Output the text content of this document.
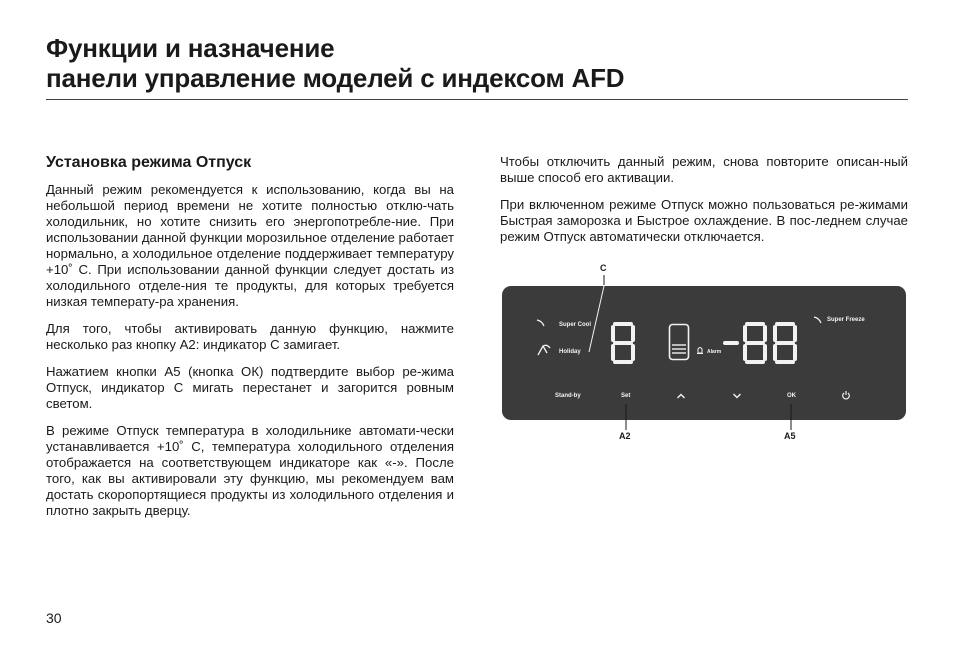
Функции и назначение
панели управление моделей с индексом AFD
Установка режима Отпуск

Данный режим рекомендуется к использованию, когда вы на небольшой период времени не хотите полностью отклю-чать холодильник, но хотите снизить его энергопотребле-ние. При использовании данной функции морозильное отделение работает нормально, а холодильное отделение поддерживает температуру +10˚ С. При использовании данной функции следует достать из холодильного отделе-ния те продукты, для которых требуется низкая температу-ра хранения.

Для того, чтобы активировать данную функцию, нажмите несколько раз кнопку А2: индикатор С замигает.

Нажатием кнопки А5 (кнопка ОК) подтвердите выбор ре-жима Отпуск, индикатор С мигать перестанет и загорится ровным светом.

В режиме Отпуск температура в холодильнике автомати-чески устанавливается +10˚ С, температура холодильного отделения отображается на соответствующем индикаторе как «-». После того, как вы активировали эту функцию, мы рекомендуем вам достать скоропортящиеся продукты из холодильного отделения и плотно закрыть дверцу.

Чтобы отключить данный режим, снова повторите описан-ный выше способ его активации.

При включенном режиме Отпуск можно пользоваться ре-жимами Быстрая заморозка и Быстрое охлаждение. В пос-леднем случае режим Отпуск автоматически отключается.

C
A2	A5
Super Cool
Holiday	Alarm
Super Freeze
Stand-by	Set	OK
30
